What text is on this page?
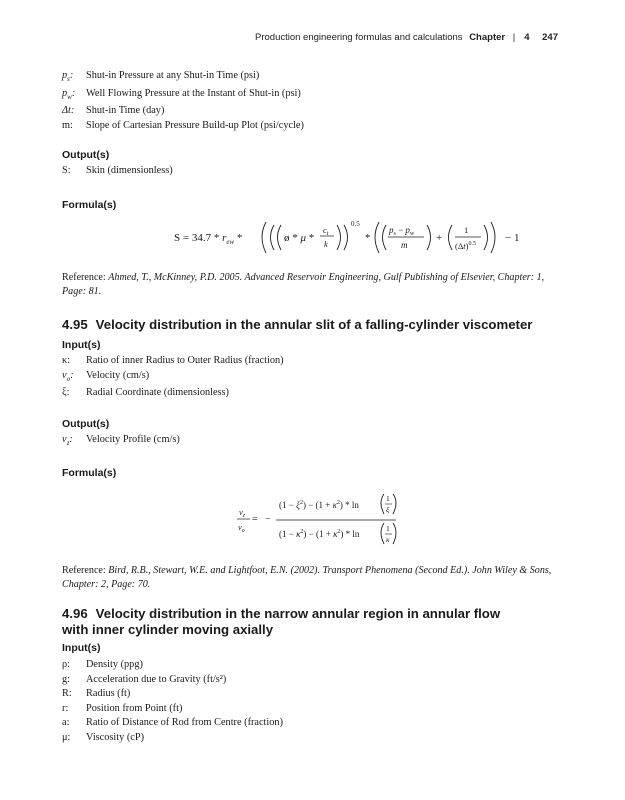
Production engineering formulas and calculations Chapter | 4 247
$p_s$: Shut-in Pressure at any Shut-in Time (psi)
$p_w$: Well Flowing Pressure at the Instant of Shut-in (psi)
Δt: Shut-in Time (day)
m: Slope of Cartesian Pressure Build-up Plot (psi/cycle)
Output(s)
S: Skin (dimensionless)
Formula(s)
$S = 34.7 * r_{ew}$ *	ø * μ *
$c_t$
k
0.5
*
$p_s - p_w$
m
+
1
$(\Delta t)^{0.5}$	− 1
Reference: Ahmed, T., McKinney, P.D. 2005. Advanced Reservoir Engineering, Gulf Publishing of Elsevier, Chapter: 1, Page: 81.
4.95 Velocity distribution in the annular slit of a falling-cylinder viscometer
Input(s)
κ: Ratio of inner Radius to Outer Radius (fraction)
$v_o$: Velocity (cm/s)
ξ: Radial Coordinate (dimensionless)
Output(s)
$v_z$: Velocity Profile (cm/s)
Formula(s)
$v_z$
$v_o$
= −
$(1 - \xi^2) - (1 + \kappa^2) * \ln$
1
ξ
$(1 - \kappa^2) - (1 + \kappa^2) * \ln$
1
κ
Reference: Bird, R.B., Stewart, W.E. and Lightfoot, E.N. (2002). Transport Phenomena (Second Ed.). John Wiley & Sons, Chapter: 2, Page: 70.
4.96 Velocity distribution in the narrow annular region in annular flow
with inner cylinder moving axially
Input(s)
ρ: Density (ppg)
g: Acceleration due to Gravity (ft/s²)
R: Radius (ft)
r: Position from Point (ft)
a: Ratio of Distance of Rod from Centre (fraction)
μ: Viscosity (cP)
